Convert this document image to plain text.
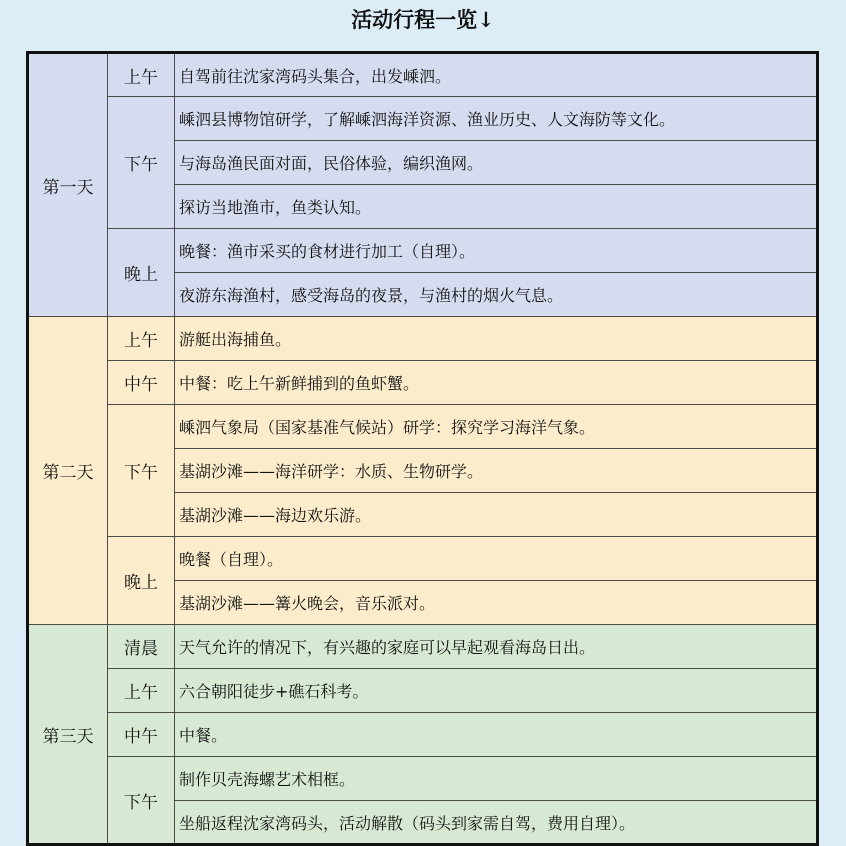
活动行程一览↓
第一天	上午	自驾前往沈家湾码头集合，出发嵊泗。
	下午	嵊泗县博物馆研学，了解嵊泗海洋资源、渔业历史、人文海防等文化。
		与海岛渔民面对面，民俗体验，编织渔网。
		探访当地渔市，鱼类认知。
	晚上	晚餐：渔市采买的食材进行加工（自理）。
		夜游东海渔村，感受海岛的夜景，与渔村的烟火气息。
第二天	上午	游艇出海捕鱼。
	中午	中餐：吃上午新鲜捕到的鱼虾蟹。
	下午	嵊泗气象局（国家基准气候站）研学：探究学习海洋气象。
		基湖沙滩——海洋研学：水质、生物研学。
		基湖沙滩——海边欢乐游。
	晚上	晚餐（自理）。
		基湖沙滩——篝火晚会，音乐派对。
第三天	清晨	天气允许的情况下，有兴趣的家庭可以早起观看海岛日出。
	上午	六合朝阳徒步+礁石科考。
	中午	中餐。
	下午	制作贝壳海螺艺术相框。
		坐船返程沈家湾码头，活动解散（码头到家需自驾，费用自理）。
